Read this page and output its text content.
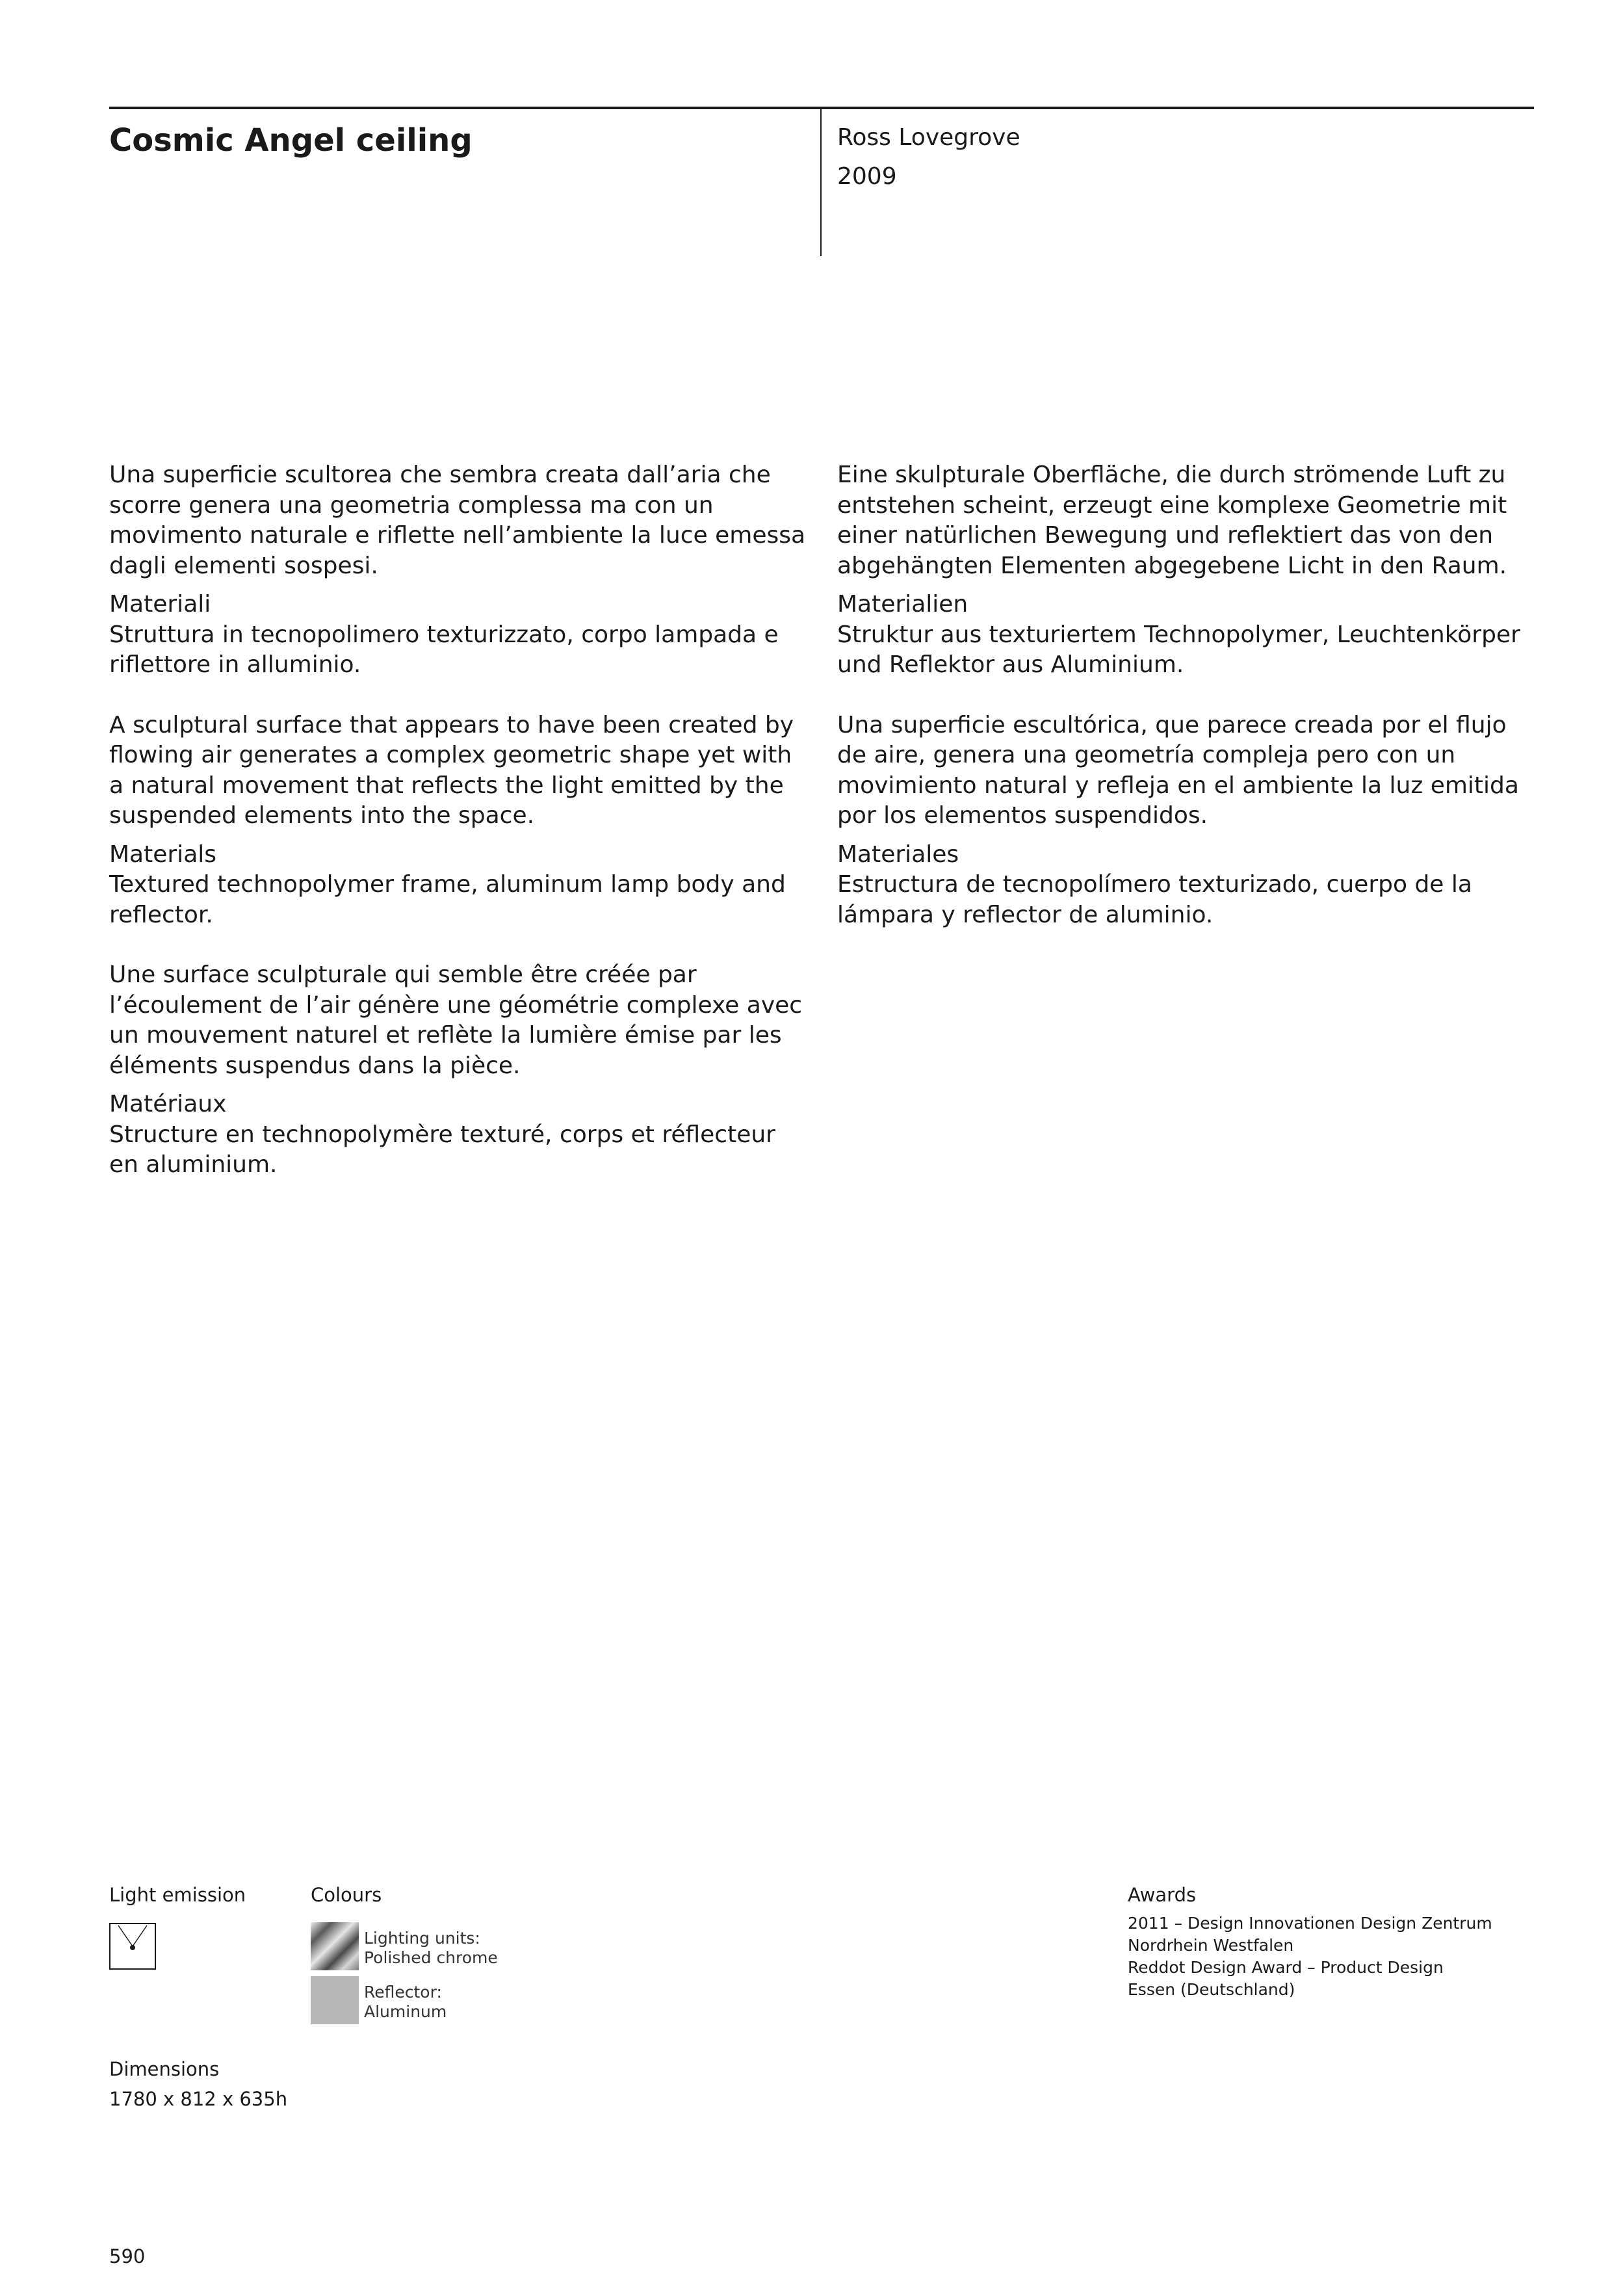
Cosmic Angel ceiling	Ross Lovegrove
2009

Una superficie scultorea che sembra creata dall’aria che scorre genera una geometria complessa ma con un movimento naturale e riflette nell’ambiente la luce emessa dagli elementi sospesi.

Materiali

Struttura in tecnopolimero texturizzato, corpo lampada e riflettore in alluminio.

A sculptural surface that appears to have been created by flowing air generates a complex geometric shape yet with a natural movement that reflects the light emitted by the suspended elements into the space.

Materials

Textured technopolymer frame, aluminum lamp body and reflector.

Une surface sculpturale qui semble être créée par l’écoulement de l’air génère une géométrie complexe avec un mouvement naturel et reflète la lumière émise par les éléments suspendus dans la pièce.

Matériaux

Structure en technopolymère texturé, corps et réflecteur en aluminium.

Eine skulpturale Oberfläche, die durch strömende Luft zu entstehen scheint, erzeugt eine komplexe Geometrie mit einer natürlichen Bewegung und reflektiert das von den abgehängten Elementen abgegebene Licht in den Raum.

Materialien

Struktur aus texturiertem Technopolymer, Leuchtenkörper und Reflektor aus Aluminium.

Una superficie escultórica, que parece creada por el flujo de aire, genera una geometría compleja pero con un movimiento natural y refleja en el ambiente la luz emitida por los elementos suspendidos.

Materiales

Estructura de tecnopolímero texturizado, cuerpo de la lámpara y reflector de aluminio.

Light emission	Colours
Lighting units:
Polished chrome
Reflector:
Aluminum
Awards
2011 – Design Innovationen Design Zentrum
Nordrhein Westfalen
Reddot Design Award – Product Design
Essen (Deutschland)
Dimensions
1780 x 812 x 635h
590
